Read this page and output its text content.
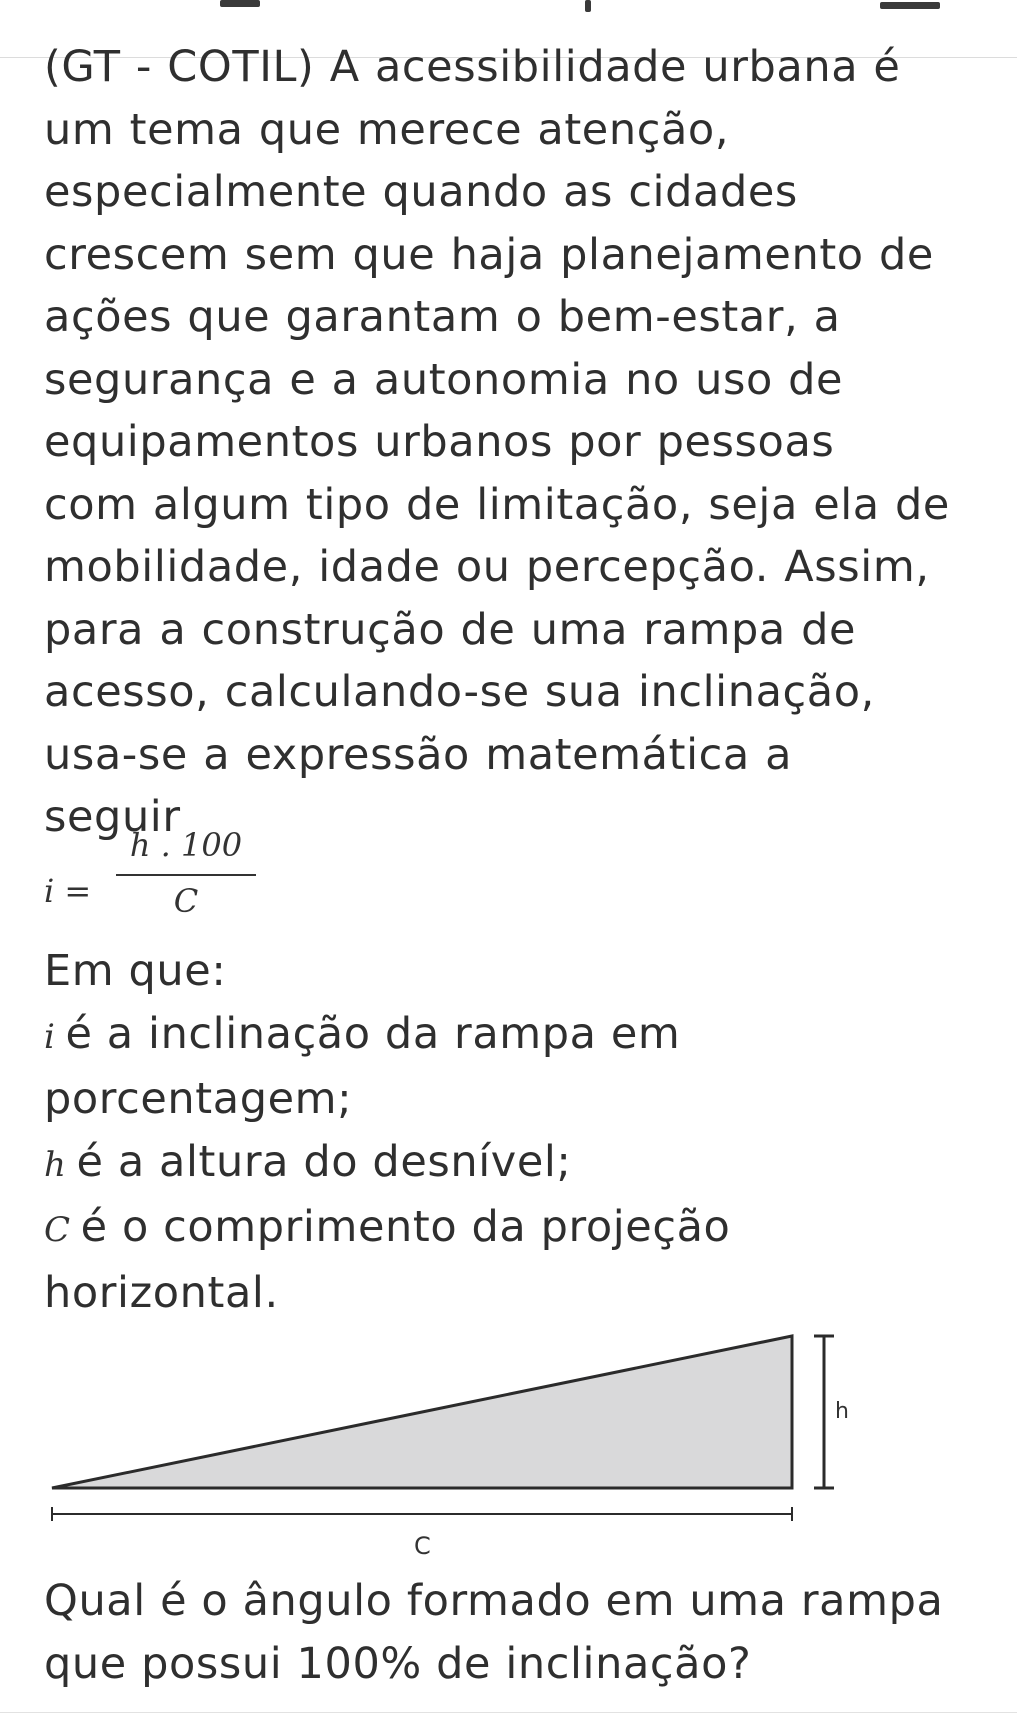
(GT - COTIL) A acessibilidade urbana é
um tema que merece atenção,
especialmente quando as cidades
crescem sem que haja planejamento de
ações que garantam o bem-estar, a
segurança e a autonomia no uso de
equipamentos urbanos por pessoas
com algum tipo de limitação, seja ela de
mobilidade, idade ou percepção. Assim,
para a construção de uma rampa de
acesso, calculando-se sua inclinação,
usa-se a expressão matemática a
seguir

i =
h . 100
C
Em que:
i é a inclinação da rampa em
porcentagem;
h é a altura do desnível;
C é o comprimento da projeção
horizontal.
h
C
Qual é o ângulo formado em uma rampa
que possui 100% de inclinação?
